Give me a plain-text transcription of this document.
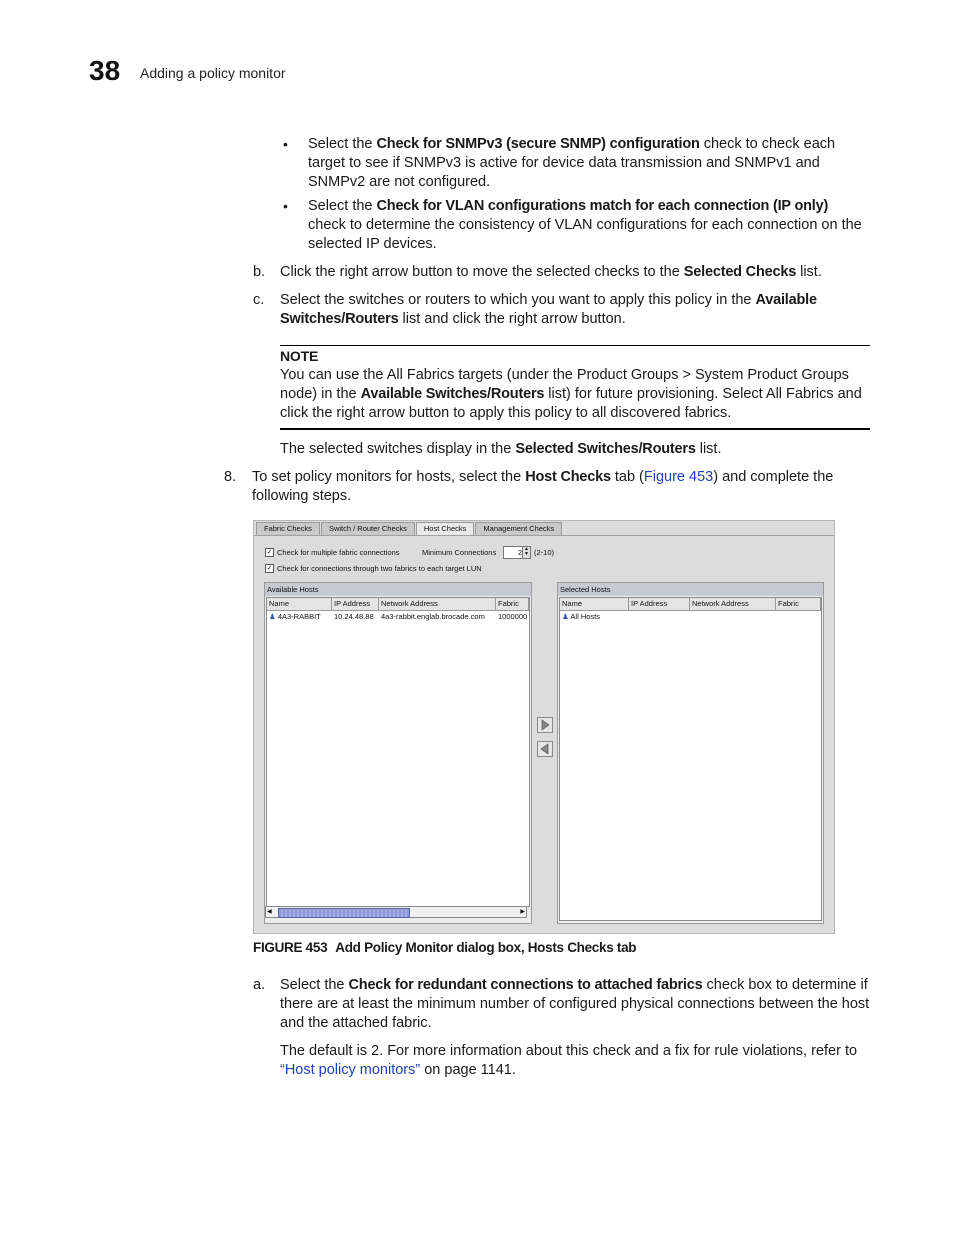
38 Adding a policy monitor
• Select the Check for SNMPv3 (secure SNMP) configuration check to check each target to see if SNMPv3 is active for device data transmission and SNMPv1 and SNMPv2 are not configured.
• Select the Check for VLAN configurations match for each connection (IP only) check to determine the consistency of VLAN configurations for each connection on the selected IP devices.
b. Click the right arrow button to move the selected checks to the Selected Checks list.
c. Select the switches or routers to which you want to apply this policy in the Available Switches/Routers list and click the right arrow button.
NOTE
You can use the All Fabrics targets (under the Product Groups > System Product Groups node) in the Available Switches/Routers list) for future provisioning. Select All Fabrics and click the right arrow button to apply this policy to all discovered fabrics.
The selected switches display in the Selected Switches/Routers list.
8. To set policy monitors for hosts, select the Host Checks tab (Figure 453) and complete the following steps.
Fabric Checks	Switch / Router Checks	Host Checks	Management Checks
✓ Check for multiple fabric connections	Minimum Connections	2 ▲
▼ (2-10)
✓ Check for connections through two fabrics to each target LUN
Available Hosts
Name	IP Address	Network Address	Fabric
♟ 4A3-RABBIT	10.24.48.88 4a3-rabbit.englab.brocade.com	1000000
◀	▶
Selected Hosts
Name	IP Address	Network Address	Fabric
♟ All Hosts
FIGURE 453 Add Policy Monitor dialog box, Hosts Checks tab
a. Select the Check for redundant connections to attached fabrics check box to determine if there are at least the minimum number of configured physical connections between the host and the attached fabric.
The default is 2. For more information about this check and a fix for rule violations, refer to “Host policy monitors” on page 1141.
